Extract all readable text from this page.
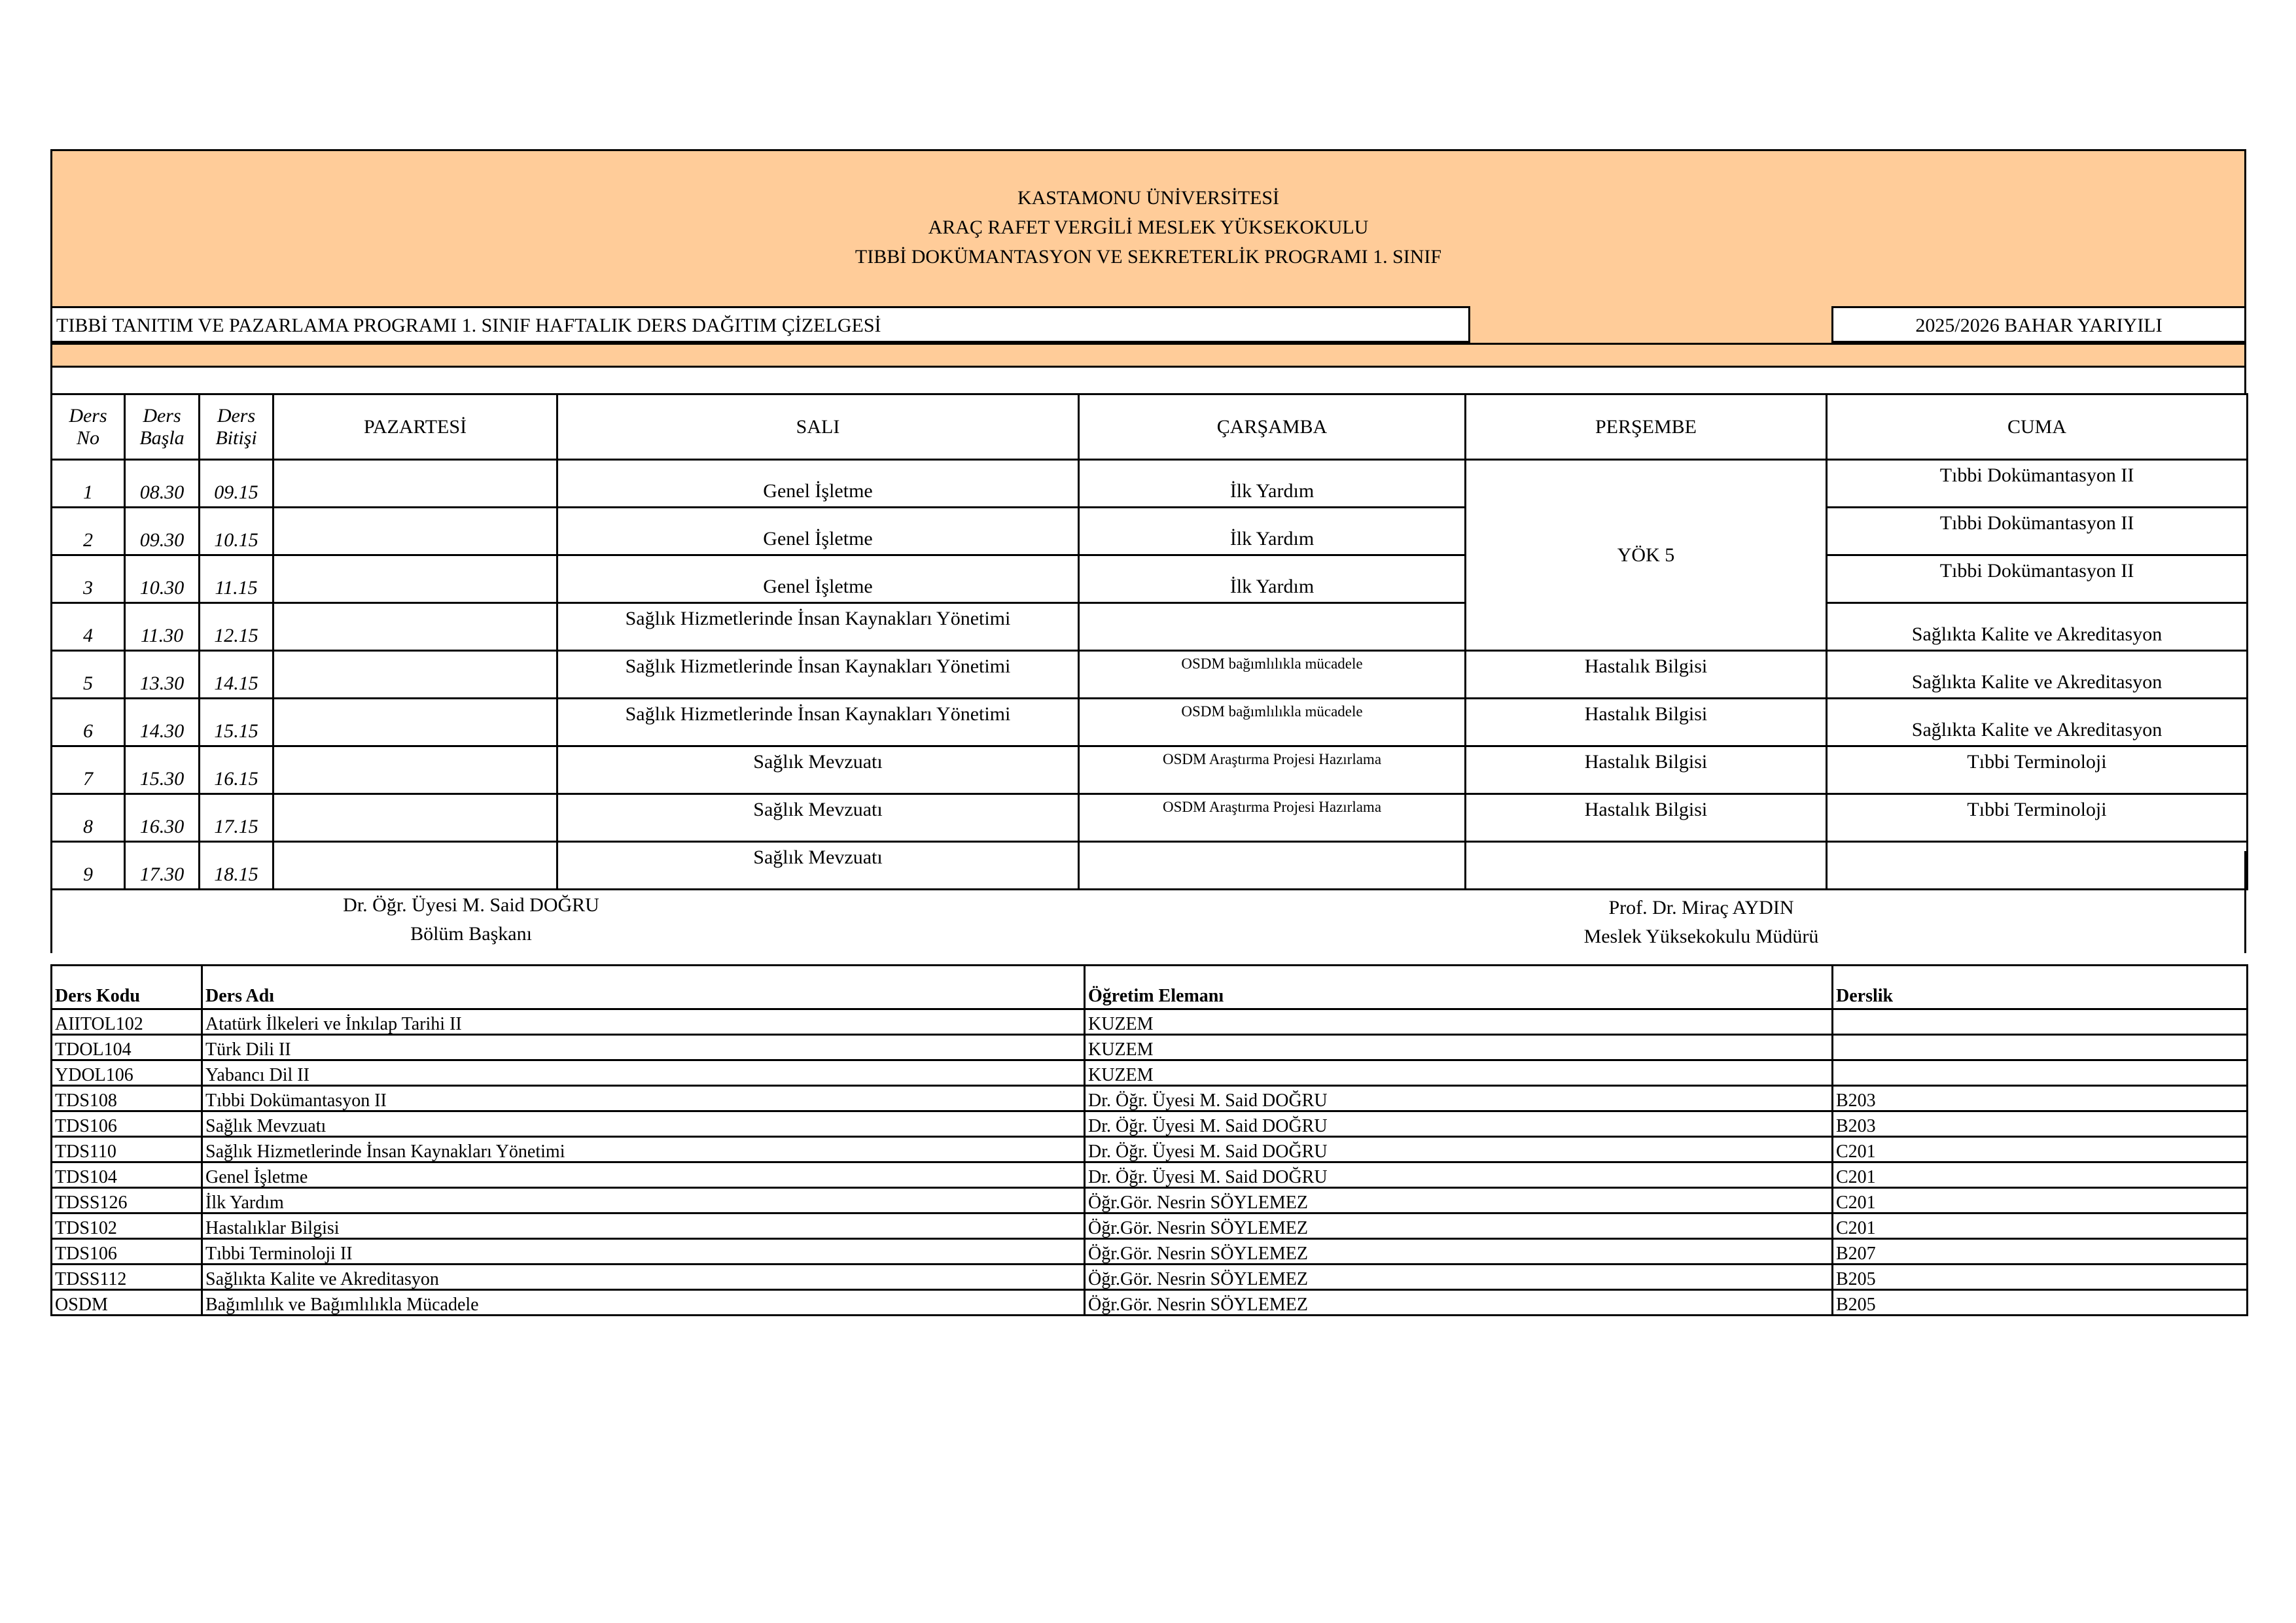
KASTAMONU ÜNİVERSİTESİ
ARAÇ RAFET VERGİLİ MESLEK YÜKSEKOKULU
TIBBİ DOKÜMANTASYON VE SEKRETERLİK PROGRAMI 1. SINIF
TIBBİ TANITIM VE PAZARLAMA PROGRAMI 1. SINIF HAFTALIK DERS DAĞITIM ÇİZELGESİ	2025/2026 BAHAR YARIYILI
Ders
No	Ders
Başla	Ders
Bitişi	PAZARTESİ	SALI	ÇARŞAMBA	PERŞEMBE	CUMA
1	08.30	09.15		Genel İşletme	İlk Yardım	YÖK 5	Tıbbi Dokümantasyon II
2	09.30	10.15		Genel İşletme	İlk Yardım		Tıbbi Dokümantasyon II
3	10.30	11.15		Genel İşletme	İlk Yardım		Tıbbi Dokümantasyon II
4	11.30	12.15		Sağlık Hizmetlerinde İnsan Kaynakları Yönetimi			Sağlıkta Kalite ve Akreditasyon
5	13.30	14.15		Sağlık Hizmetlerinde İnsan Kaynakları Yönetimi	OSDM bağımlılıkla mücadele	Hastalık Bilgisi	Sağlıkta Kalite ve Akreditasyon
6	14.30	15.15		Sağlık Hizmetlerinde İnsan Kaynakları Yönetimi	OSDM bağımlılıkla mücadele	Hastalık Bilgisi	Sağlıkta Kalite ve Akreditasyon
7	15.30	16.15		Sağlık Mevzuatı	OSDM Araştırma Projesi Hazırlama	Hastalık Bilgisi	Tıbbi Terminoloji
8	16.30	17.15		Sağlık Mevzuatı	OSDM Araştırma Projesi Hazırlama	Hastalık Bilgisi	Tıbbi Terminoloji
9	17.30	18.15		Sağlık Mevzuatı			
Dr. Öğr. Üyesi M. Said DOĞRU
Bölüm Başkanı
Prof. Dr. Miraç AYDIN
Meslek Yüksekokulu Müdürü
Ders Kodu	Ders Adı	Öğretim Elemanı	Derslik
AIITOL102	Atatürk İlkeleri ve İnkılap Tarihi II	KUZEM	
TDOL104	Türk Dili II	KUZEM	
YDOL106	Yabancı Dil II	KUZEM	
TDS108	Tıbbi Dokümantasyon II	Dr. Öğr. Üyesi M. Said DOĞRU	B203
TDS106	Sağlık Mevzuatı	Dr. Öğr. Üyesi M. Said DOĞRU	B203
TDS110	Sağlık Hizmetlerinde İnsan Kaynakları Yönetimi	Dr. Öğr. Üyesi M. Said DOĞRU	C201
TDS104	Genel İşletme	Dr. Öğr. Üyesi M. Said DOĞRU	C201
TDSS126	İlk Yardım	Öğr.Gör. Nesrin SÖYLEMEZ	C201
TDS102	Hastalıklar Bilgisi	Öğr.Gör. Nesrin SÖYLEMEZ	C201
TDS106	Tıbbi Terminoloji II	Öğr.Gör. Nesrin SÖYLEMEZ	B207
TDSS112	Sağlıkta Kalite ve Akreditasyon	Öğr.Gör. Nesrin SÖYLEMEZ	B205
OSDM	Bağımlılık ve Bağımlılıkla Mücadele	Öğr.Gör. Nesrin SÖYLEMEZ	B205
